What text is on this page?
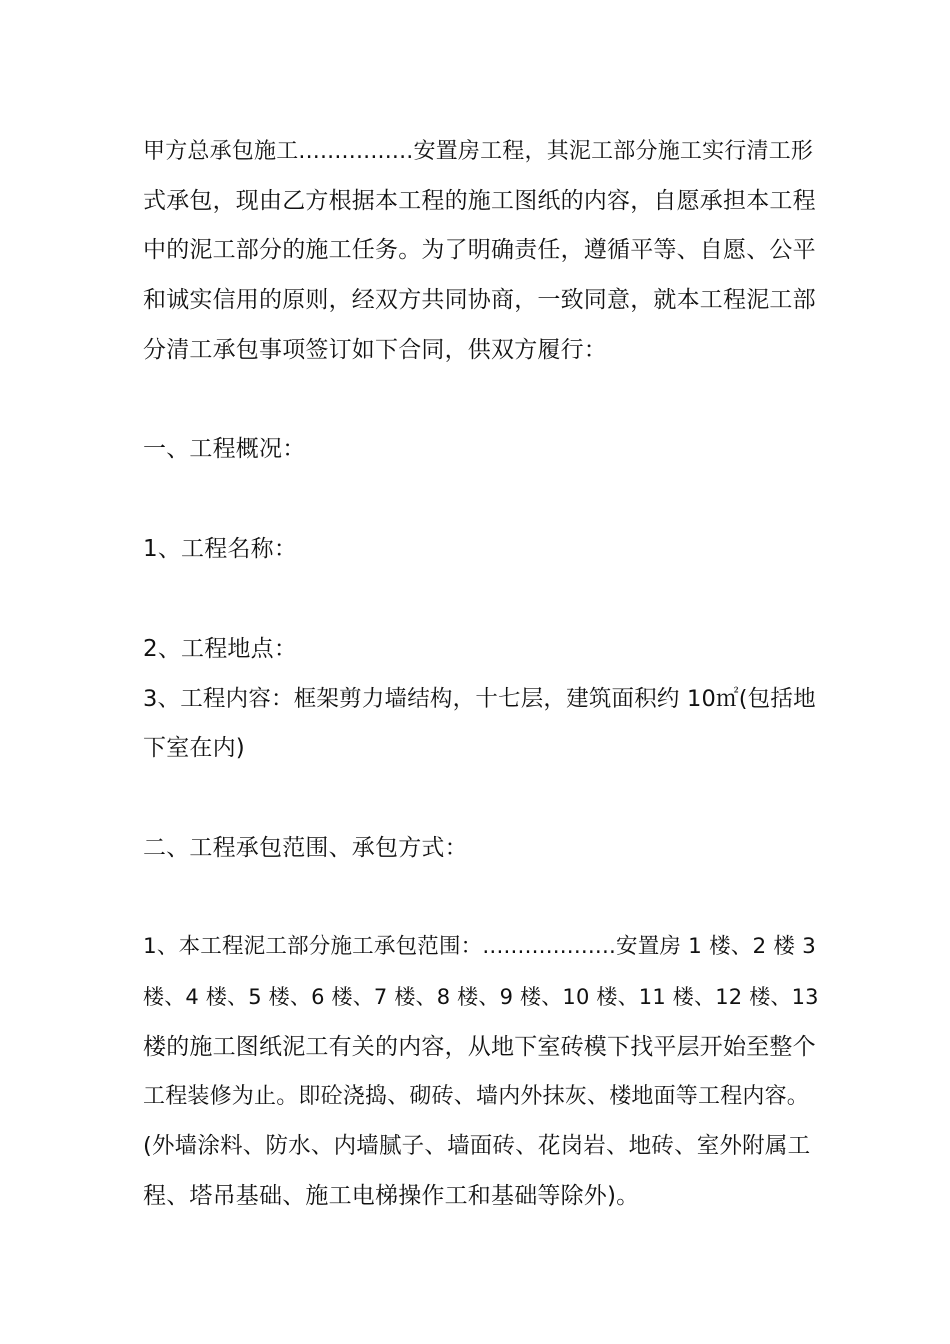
甲方总承包施工................安置房工程，其泥工部分施工实行清工形
式承包，现由乙方根据本工程的施工图纸的内容，自愿承担本工程
中的泥工部分的施工任务。为了明确责任，遵循平等、自愿、公平
和诚实信用的原则，经双方共同协商，一致同意，就本工程泥工部
分清工承包事项签订如下合同，供双方履行：
一、工程概况：
1、工程名称：
2、工程地点：
3、工程内容：框架剪力墙结构，十七层，建筑面积约 10㎡(包括地
下室在内)
二、工程承包范围、承包方式：
1、本工程泥工部分施工承包范围：...................安置房 1 楼、2 楼 3
楼、4 楼、5 楼、6 楼、7 楼、8 楼、9 楼、10 楼、11 楼、12 楼、13
楼的施工图纸泥工有关的内容，从地下室砖模下找平层开始至整个
工程装修为止。即砼浇捣、砌砖、墙内外抹灰、楼地面等工程内容。
(外墙涂料、防水、内墙腻子、墙面砖、花岗岩、地砖、室外附属工
程、塔吊基础、施工电梯操作工和基础等除外)。
